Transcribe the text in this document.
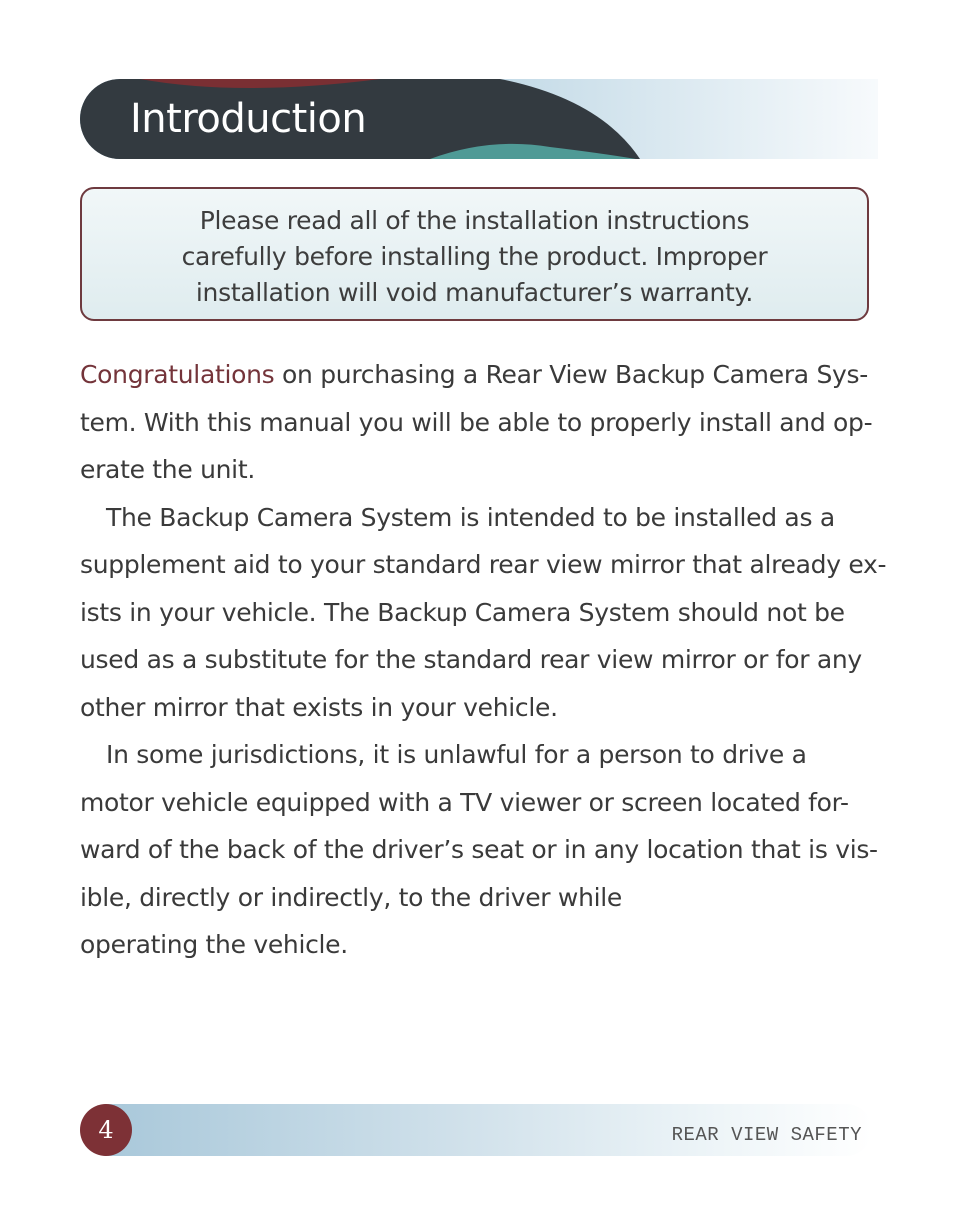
Introduction
Please read all of the installation instructions
carefully before installing the product. Improper
installation will void manufacturer’s warranty.
Congratulations on purchasing a Rear View Backup Camera Sys-
tem. With this manual you will be able to properly install and op-
erate the unit.
The Backup Camera System is intended to be installed as a
supplement aid to your standard rear view mirror that already ex-
ists in your vehicle. The Backup Camera System should not be
used as a substitute for the standard rear view mirror or for any
other mirror that exists in your vehicle.
In some jurisdictions, it is unlawful for a person to drive a
motor vehicle equipped with a TV viewer or screen located for-
ward of the back of the driver’s seat or in any location that is vis-
ible, directly or indirectly, to the driver while
operating the vehicle.
4	REAR VIEW SAFETY
